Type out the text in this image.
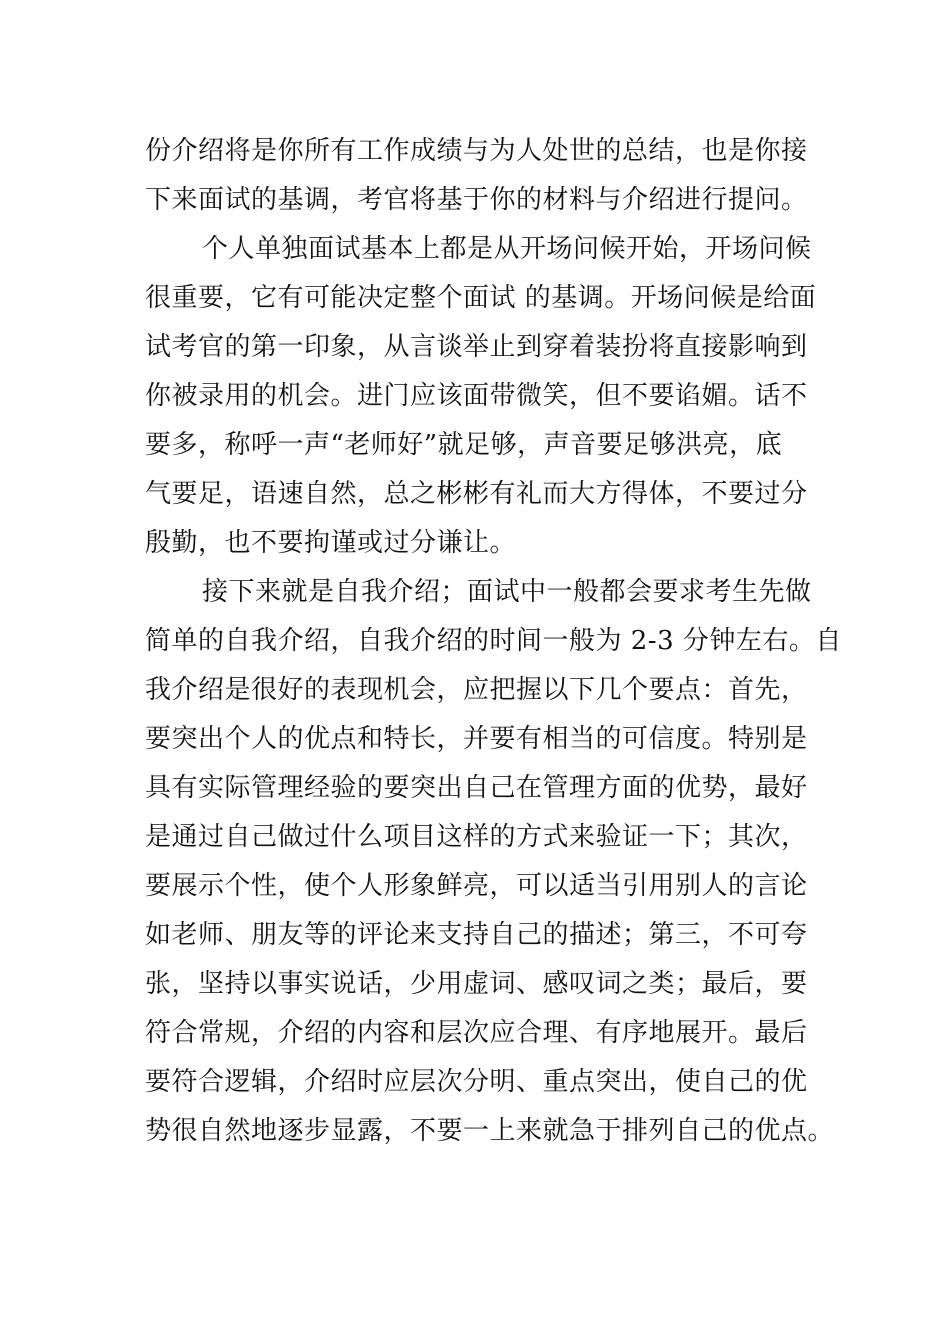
份介绍将是你所有工作成绩与为人处世的总结，也是你接
下来面试的基调，考官将基于你的材料与介绍进行提问。
个人单独面试基本上都是从开场问候开始，开场问候
很重要，它有可能决定整个面试 的基调。开场问候是给面
试考官的第一印象，从言谈举止到穿着装扮将直接影响到
你被录用的机会。进门应该面带微笑，但不要谄媚。话不
要多，称呼一声“老师好”就足够，声音要足够洪亮，底
气要足，语速自然，总之彬彬有礼而大方得体，不要过分
殷勤，也不要拘谨或过分谦让。
接下来就是自我介绍；面试中一般都会要求考生先做
简单的自我介绍，自我介绍的时间一般为 2-3 分钟左右。自
我介绍是很好的表现机会，应把握以下几个要点：首先，
要突出个人的优点和特长，并要有相当的可信度。特别是
具有实际管理经验的要突出自己在管理方面的优势，最好
是通过自己做过什么项目这样的方式来验证一下；其次，
要展示个性，使个人形象鲜亮，可以适当引用别人的言论
如老师、朋友等的评论来支持自己的描述；第三，不可夸
张，坚持以事实说话，少用虚词、感叹词之类；最后，要
符合常规，介绍的内容和层次应合理、有序地展开。最后
要符合逻辑，介绍时应层次分明、重点突出，使自己的优
势很自然地逐步显露，不要一上来就急于排列自己的优点。
